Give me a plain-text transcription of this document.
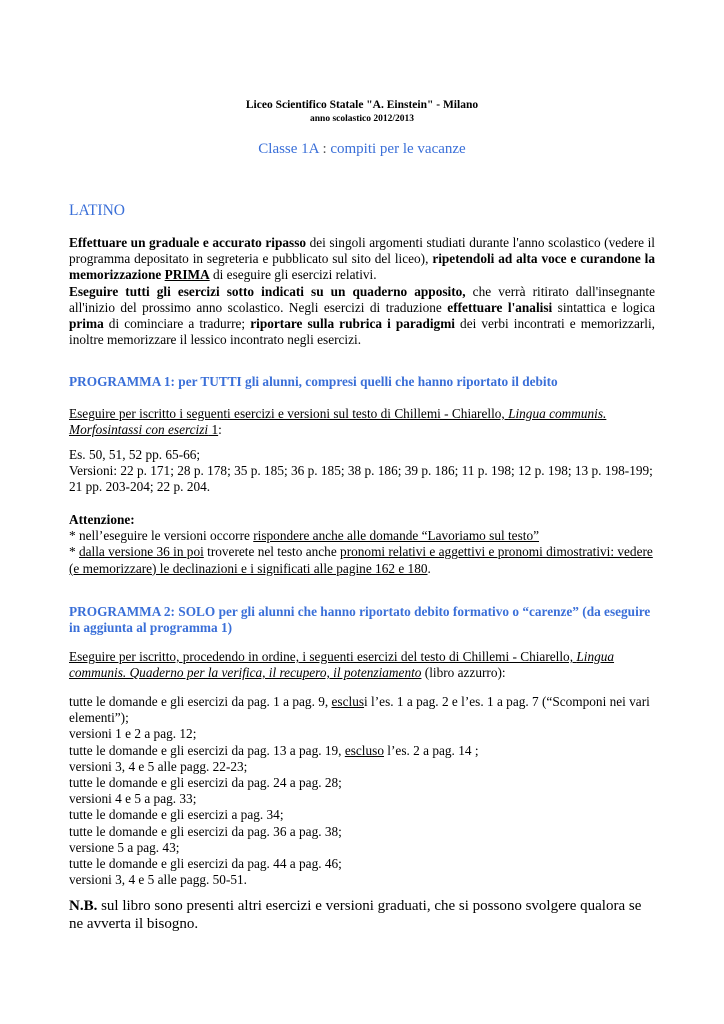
Liceo Scientifico Statale "A. Einstein" - Milano
anno scolastico 2012/2013
Classe 1A : compiti per le vacanze
LATINO
Effettuare un graduale e accurato ripasso dei singoli argomenti studiati durante l'anno scolastico (vedere il programma depositato in segreteria e pubblicato sul sito del liceo), ripetendoli ad alta voce e curandone la memorizzazione PRIMA di eseguire gli esercizi relativi.
Eseguire tutti gli esercizi sotto indicati su un quaderno apposito, che verrà ritirato dall'insegnante all'inizio del prossimo anno scolastico. Negli esercizi di traduzione effettuare l'analisi sintattica e logica prima di cominciare a tradurre; riportare sulla rubrica i paradigmi dei verbi incontrati e memorizzarli, inoltre memorizzare il lessico incontrato negli esercizi.
PROGRAMMA 1: per TUTTI gli alunni, compresi quelli che hanno riportato il debito
Eseguire per iscritto i seguenti esercizi e versioni sul testo di Chillemi - Chiarello, Lingua communis. Morfosintassi con esercizi 1:
Es. 50, 51, 52 pp. 65-66;
Versioni: 22 p. 171; 28 p. 178; 35 p. 185; 36 p. 185; 38 p. 186; 39 p. 186; 11 p. 198; 12 p. 198; 13 p. 198-199; 21 pp. 203-204; 22 p. 204.
Attenzione:
* nell’eseguire le versioni occorre rispondere anche alle domande “Lavoriamo sul testo”
* dalla versione 36 in poi troverete nel testo anche pronomi relativi e aggettivi e pronomi dimostrativi: vedere (e memorizzare) le declinazioni e i significati alle pagine 162 e 180.
PROGRAMMA 2: SOLO per gli alunni che hanno riportato debito formativo o “carenze” (da eseguire in aggiunta al programma 1)
Eseguire per iscritto, procedendo in ordine, i seguenti esercizi del testo di Chillemi - Chiarello, Lingua communis. Quaderno per la verifica, il recupero, il potenziamento (libro azzurro):
tutte le domande e gli esercizi da pag. 1 a pag. 9, esclusi l’es. 1 a pag. 2 e l’es. 1 a pag. 7 (“Scomponi nei vari elementi”);
versioni 1 e 2 a pag. 12;
tutte le domande e gli esercizi da pag. 13 a pag. 19, escluso l’es. 2 a pag. 14 ;
versioni 3, 4 e 5 alle pagg. 22-23;
tutte le domande e gli esercizi da pag. 24 a pag. 28;
versioni 4 e 5 a pag. 33;
tutte le domande e gli esercizi a pag. 34;
tutte le domande e gli esercizi da pag. 36 a pag. 38;
versione 5 a pag. 43;
tutte le domande e gli esercizi da pag. 44 a pag. 46;
versioni 3, 4 e 5 alle pagg. 50-51.
N.B. sul libro sono presenti altri esercizi e versioni graduati, che si possono svolgere qualora se ne avverta il bisogno.
